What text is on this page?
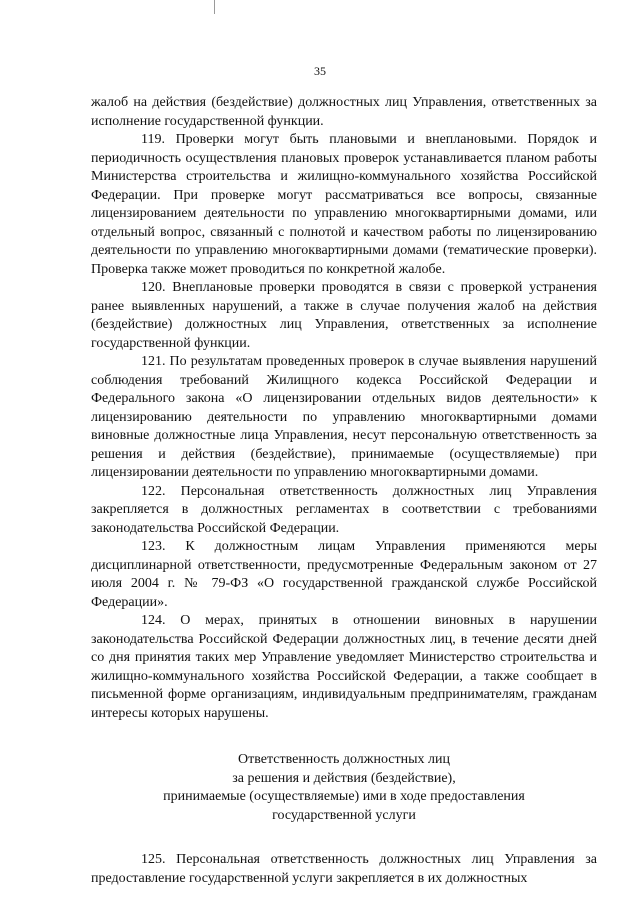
35

жалоб на действия (бездействие) должностных лиц Управления, ответственных за исполнение государственной функции.

119. Проверки могут быть плановыми и внеплановыми. Порядок и периодичность осуществления плановых проверок устанавливается планом работы Министерства строительства и жилищно-коммунального хозяйства Российской Федерации. При проверке могут рассматриваться все вопросы, связанные лицензированием деятельности по управлению многоквартирными домами, или отдельный вопрос, связанный с полнотой и качеством работы по лицензированию деятельности по управлению многоквартирными домами (тематические проверки). Проверка также может проводиться по конкретной жалобе.

120. Внеплановые проверки проводятся в связи с проверкой устранения ранее выявленных нарушений, а также в случае получения жалоб на действия (бездействие) должностных лиц Управления, ответственных за исполнение государственной функции.

121. По результатам проведенных проверок в случае выявления нарушений соблюдения требований Жилищного кодекса Российской Федерации и Федерального закона «О лицензировании отдельных видов деятельности» к лицензированию деятельности по управлению многоквартирными домами виновные должностные лица Управления, несут персональную ответственность за решения и действия (бездействие), принимаемые (осуществляемые) при лицензировании деятельности по управлению многоквартирными домами.

122. Персональная ответственность должностных лиц Управления закрепляется в должностных регламентах в соответствии с требованиями законодательства Российской Федерации.

123. К должностным лицам Управления применяются меры дисциплинарной ответственности, предусмотренные Федеральным законом от 27 июля 2004 г. № 79-ФЗ «О государственной гражданской службе Российской Федерации».

124. О мерах, принятых в отношении виновных в нарушении законодательства Российской Федерации должностных лиц, в течение десяти дней со дня принятия таких мер Управление уведомляет Министерство строительства и жилищно-коммунального хозяйства Российской Федерации, а также сообщает в письменной форме организациям, индивидуальным предпринимателям, гражданам интересы которых нарушены.

Ответственность должностных лиц
за решения и действия (бездействие),
принимаемые (осуществляемые) ими в ходе предоставления
государственной услуги

125. Персональная ответственность должностных лиц Управления за предоставление государственной услуги закрепляется в их должностных
